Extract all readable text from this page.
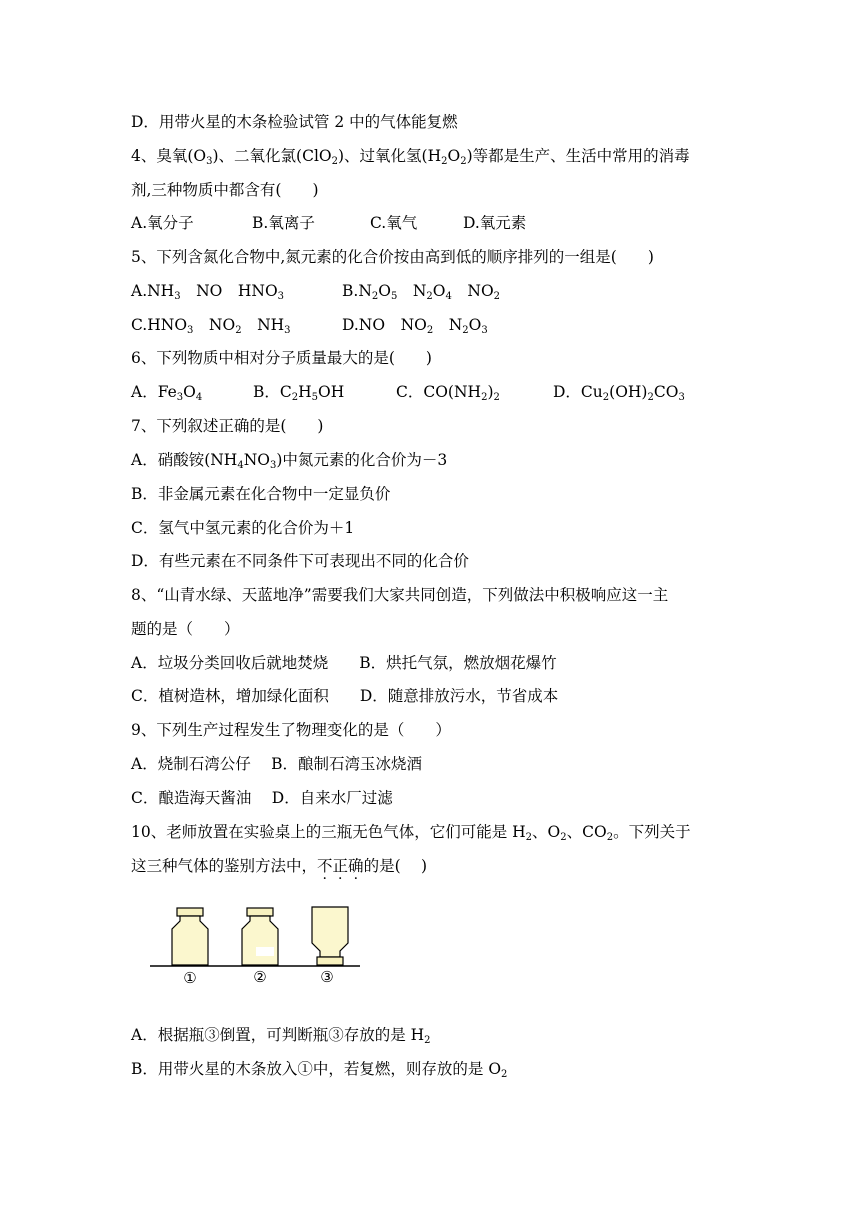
D．用带火星的木条检验试管 2 中的气体能复燃
4、臭氧$(O_3)$、二氧化氯(ClO$_2$)、过氧化氢$(H_2O_2)$等都是生产、生活中常用的消毒
剂,三种物质中都含有(　　)
A.氧分子	B.氧离子	C.氧气	D.氧元素
5、下列含氮化合物中,氮元素的化合价按由高到低的顺序排列的一组是(　　)
$A.NH_3$  NO  $HNO_3$	$B.N_2O_5$  $N_2O_4$  $NO_2$
$C.HNO_3$  $NO_2$  $NH_3$	D.NO  $NO_2$  $N_2O_3$
6、下列物质中相对分子质量最大的是(　　)
A．$Fe_3O_4$	B．$C_2H_5OH$	C．$CO(NH_2)_2$	D．$Cu_2(OH)_2CO_3$
7、下列叙述正确的是(　　)
A．硝酸铵$(NH_4NO_3)$中氮元素的化合价为－3
B．非金属元素在化合物中一定显负价
C．氢气中氢元素的化合价为＋1
D．有些元素在不同条件下可表现出不同的化合价
8、“山青水绿、天蓝地净”需要我们大家共同创造，下列做法中积极响应这一主
题的是（　　）
A．垃圾分类回收后就地焚烧　　B．烘托气氛，燃放烟花爆竹
C．植树造林，增加绿化面积　　D．随意排放污水，节省成本
9、下列生产过程发生了物理变化的是（　　）
A．烧制石湾公仔　 B．酿制石湾玉冰烧酒
C．酿造海天酱油　 D．自来水厂过滤
10、老师放置在实验桌上的三瓶无色气体，它们可能是 $H_2$、$O_2$、$CO_2$。下列关于
这三种气体的鉴别方法中，不正确的是(　 )
①	②	③
A．根据瓶③倒置，可判断瓶③存放的是 $H_2$
B．用带火星的木条放入①中，若复燃，则存放的是 $O_2$
